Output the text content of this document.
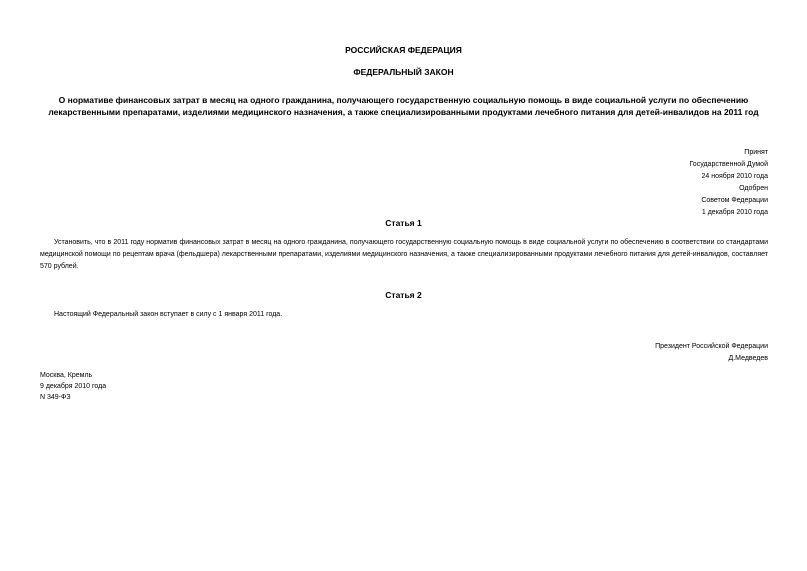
РОССИЙСКАЯ ФЕДЕРАЦИЯ
ФЕДЕРАЛЬНЫЙ ЗАКОН
О нормативе финансовых затрат в месяц на одного гражданина, получающего государственную социальную помощь в виде социальной услуги по обеспечению лекарственными препаратами, изделиями медицинского назначения, а также специализированными продуктами лечебного питания для детей-инвалидов на 2011 год
Принят
Государственной Думой
24 ноября 2010 года
Одобрен
Советом Федерации
1 декабря 2010 года
Статья 1
Установить, что в 2011 году норматив финансовых затрат в месяц на одного гражданина, получающего государственную социальную помощь в виде социальной услуги по обеспечению в соответствии со стандартами медицинской помощи по рецептам врача (фельдшера) лекарственными препаратами, изделиями медицинского назначения, а также специализированными продуктами лечебного питания для детей-инвалидов, составляет 570 рублей.
Статья 2
Настоящий Федеральный закон вступает в силу с 1 января 2011 года.
Президент Российской Федерации
Д.Медведев
Москва, Кремль
9 декабря 2010 года
N 349-ФЗ
